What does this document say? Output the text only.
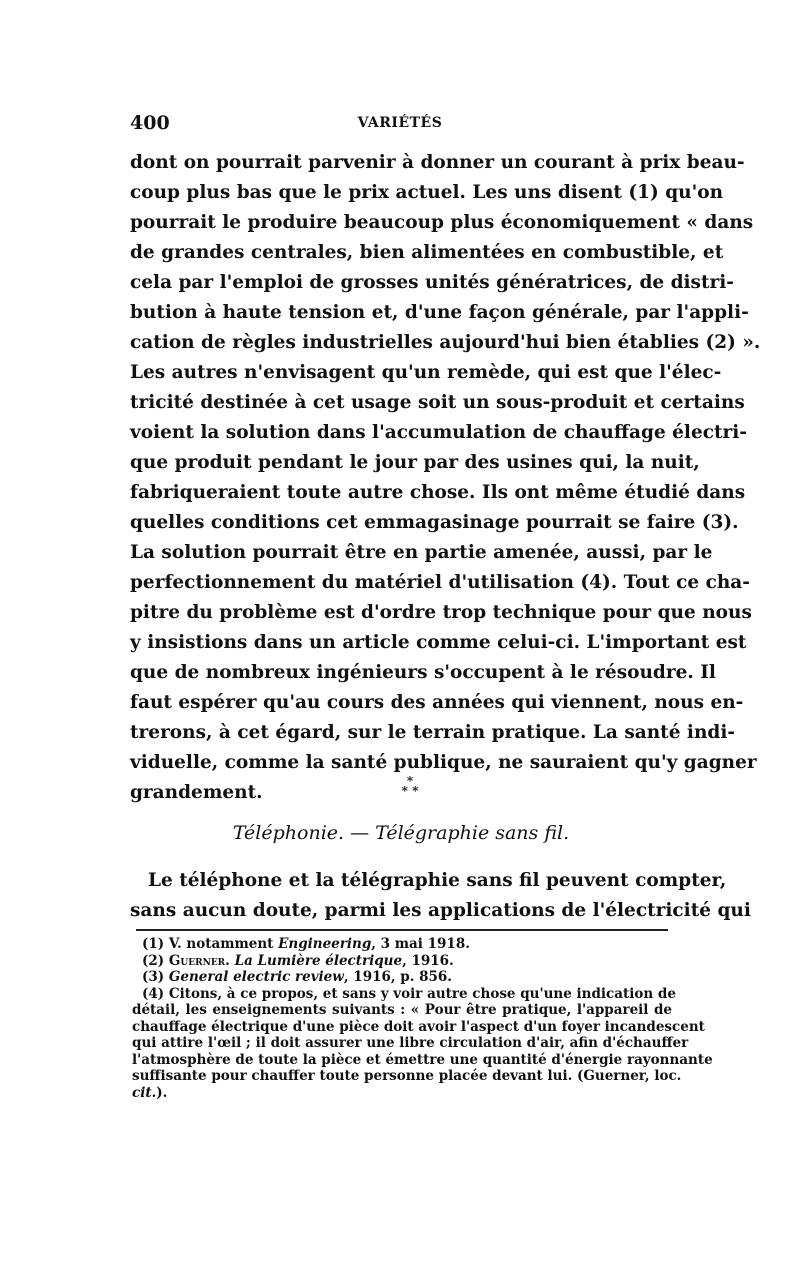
400	VARIÉTÉS
dont on pourrait parvenir à donner un courant à prix beau-
coup plus bas que le prix actuel. Les uns disent (1) qu'on
pourrait le produire beaucoup plus économiquement « dans
de grandes centrales, bien alimentées en combustible, et
cela par l'emploi de grosses unités génératrices, de distri-
bution à haute tension et, d'une façon générale, par l'appli-
cation de règles industrielles aujourd'hui bien établies (2) ».
Les autres n'envisagent qu'un remède, qui est que l'élec-
tricité destinée à cet usage soit un sous-produit et certains
voient la solution dans l'accumulation de chauffage électri-
que produit pendant le jour par des usines qui, la nuit,
fabriqueraient toute autre chose. Ils ont même étudié dans
quelles conditions cet emmagasinage pourrait se faire (3).
La solution pourrait être en partie amenée, aussi, par le
perfectionnement du matériel d'utilisation (4). Tout ce cha-
pitre du problème est d'ordre trop technique pour que nous
y insistions dans un article comme celui-ci. L'important est
que de nombreux ingénieurs s'occupent à le résoudre. Il
faut espérer qu'au cours des années qui viennent, nous en-
trerons, à cet égard, sur le terrain pratique. La santé indi-
viduelle, comme la santé publique, ne sauraient qu'y gagner
grandement.
*
* *
Téléphonie. — Télégraphie sans fil.
Le téléphone et la télégraphie sans fil peuvent compter,
sans aucun doute, parmi les applications de l'électricité qui
(1) V. notamment Engineering, 3 mai 1918.
(2) Guerner. La Lumière électrique, 1916.
(3) General electric review, 1916, p. 856.
(4) Citons, à ce propos, et sans y voir autre chose qu'une indication de
détail, les enseignements suivants : « Pour être pratique, l'appareil de
chauffage électrique d'une pièce doit avoir l'aspect d'un foyer incandescent
qui attire l'œil ; il doit assurer une libre circulation d'air, afin d'échauffer
l'atmosphère de toute la pièce et émettre une quantité d'énergie rayonnante
suffisante pour chauffer toute personne placée devant lui. (Guerner, loc.
cit.).
